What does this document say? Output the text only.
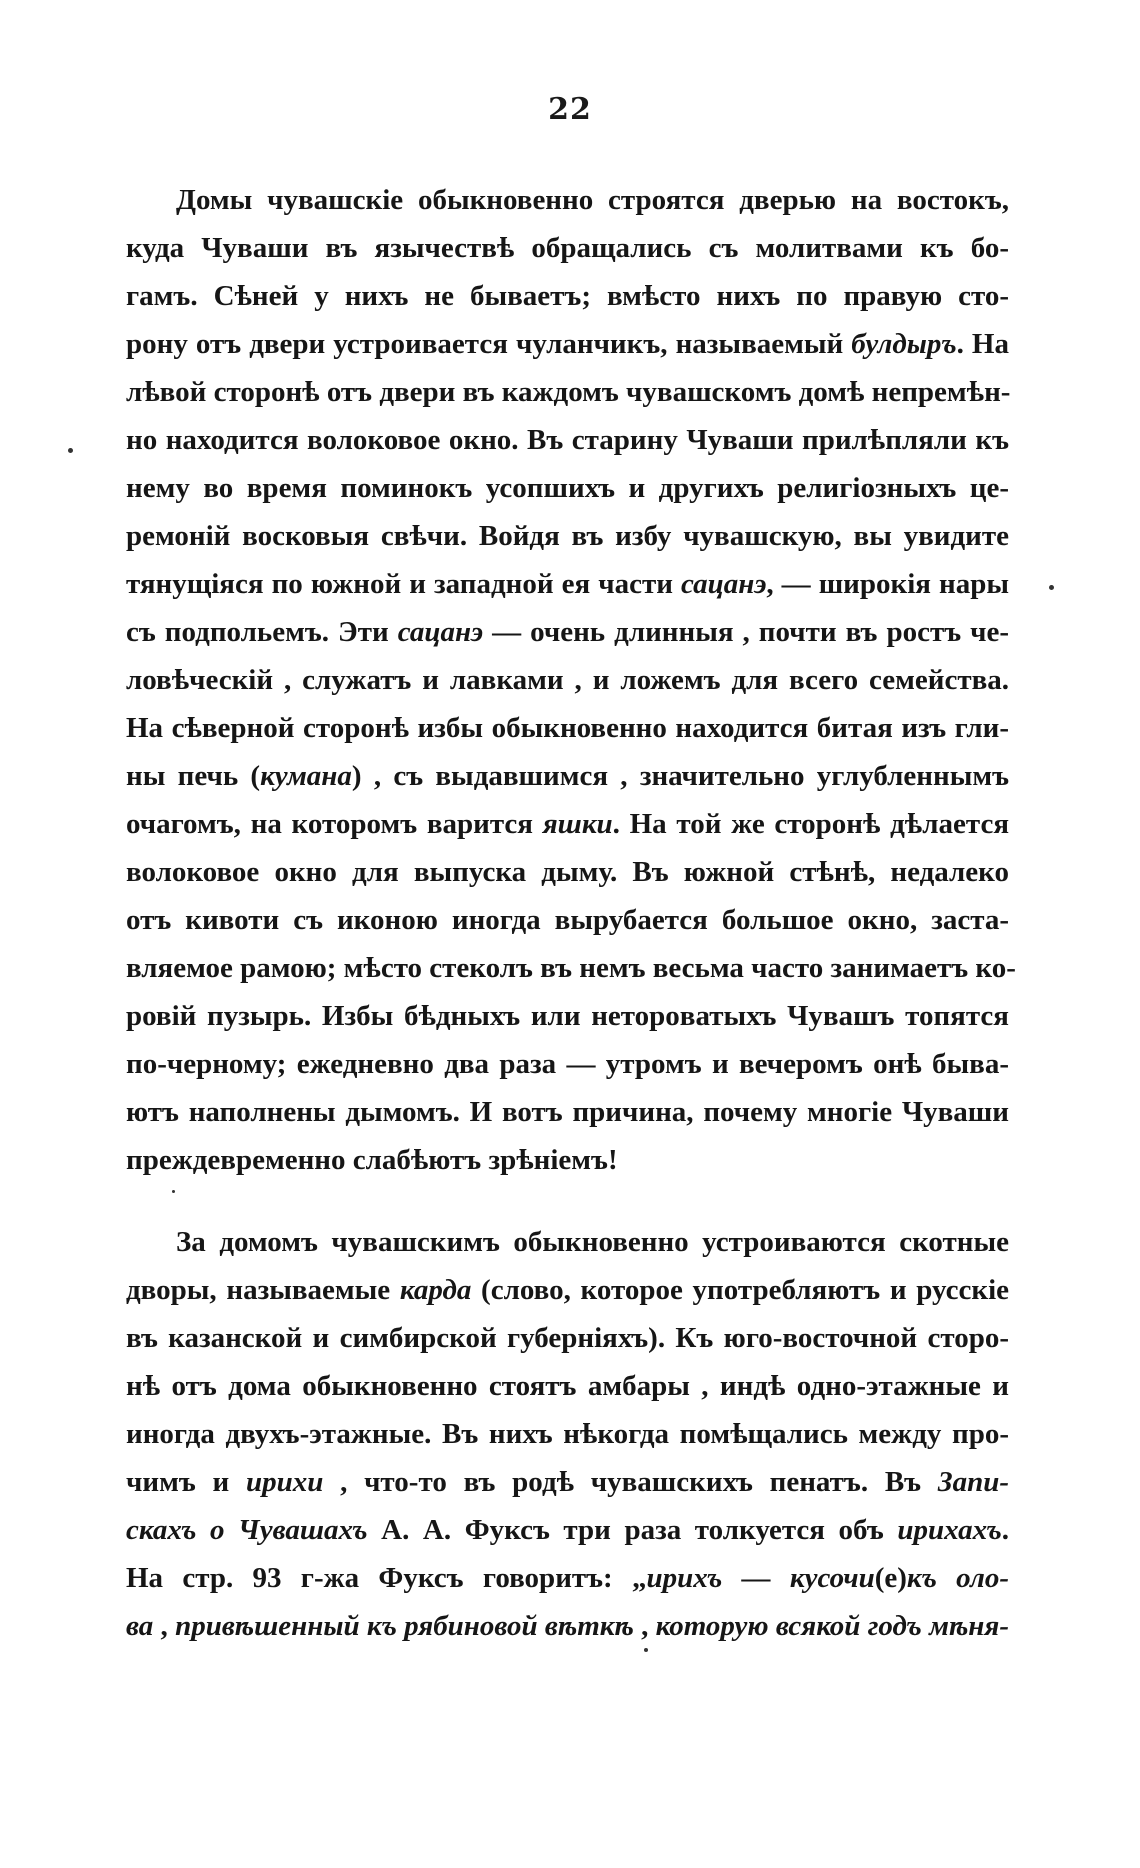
22
Домы чувашскіе обыкновенно строятся дверью на востокъ,
куда Чуваши въ язычествѣ обращались съ молитвами къ бо-
гамъ. Сѣней у нихъ не бываетъ; вмѣсто нихъ по правую сто-
рону отъ двери устроивается чуланчикъ, называемый булдыръ. На
лѣвой сторонѣ отъ двери въ каждомъ чувашскомъ домѣ непремѣн-
но находится волоковое окно. Въ старину Чуваши прилѣпляли къ
нему во время поминокъ усопшихъ и другихъ религіозныхъ це-
ремоній восковыя свѣчи. Войдя въ избу чувашскую, вы увидите
тянущіяся по южной и западной ея части сацанэ, — широкія нары
съ подпольемъ. Эти сацанэ — очень длинныя , почти въ ростъ че-
ловѣческій , служатъ и лавками , и ложемъ для всего семейства.
На сѣверной сторонѣ избы обыкновенно находится битая изъ гли-
ны печь (кумана) , съ выдавшимся , значительно углубленнымъ
очагомъ, на которомъ варится яшки. На той же сторонѣ дѣлается
волоковое окно для выпуска дыму. Въ южной стѣнѣ, недалеко
отъ кивоти съ иконою иногда вырубается большое окно, заста-
вляемое рамою; мѣсто стеколъ въ немъ весьма часто занимаетъ ко-
ровій пузырь. Избы бѣдныхъ или неторoватыхъ Чувашъ топятся
по-черному; ежедневно два раза — утромъ и вечеромъ онѣ быва-
ютъ наполнены дымомъ. И вотъ причина, почему многіе Чуваши
преждевременно слабѣютъ зрѣніемъ!
За домомъ чувашскимъ обыкновенно устроиваются скотные
дворы, называемые карда (слово, которое употребляютъ и русскіе
въ казанской и симбирской губерніяхъ). Къ юго-восточной сторо-
нѣ отъ дома обыкновенно стоятъ амбары , индѣ одно-этажные и
иногда двухъ-этажные. Въ нихъ нѣкогда помѣщались между про-
чимъ и ирихи , что-то въ родѣ чувашскихъ пенатъ. Въ Запи-
скахъ о Чувашахъ А. А. Фуксъ три раза толкуется объ ирихахъ.
На стр. 93 г-жа Фуксъ говоритъ: „ирихъ — кусочи(е)къ оло-
ва , привѣшенный къ рябиновой вѣткѣ , которую всякой годъ мѣня-
